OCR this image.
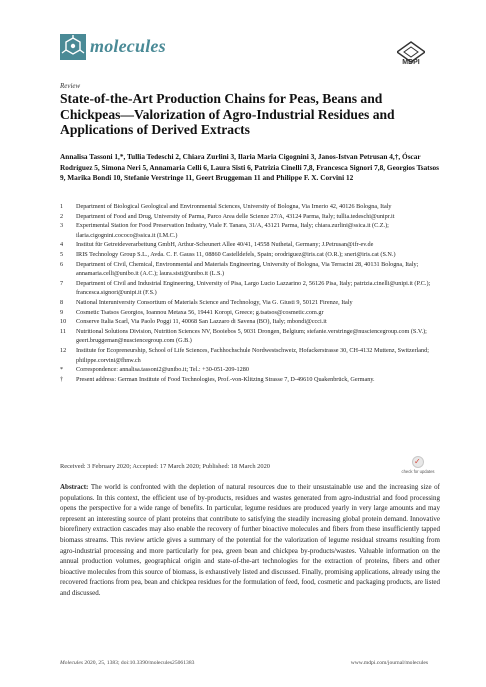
molecules
MDPI
Review
State-of-the-Art Production Chains for Peas, Beans and Chickpeas—Valorization of Agro-Industrial Residues and Applications of Derived Extracts
Annalisa Tassoni 1,*, Tullia Tedeschi 2, Chiara Zurlini 3, Ilaria Maria Cigognini 3, Janos-Istvan Petrusan 4,†, Óscar Rodríguez 5, Simona Neri 5, Annamaria Celli 6, Laura Sisti 6, Patrizia Cinelli 7,8, Francesca Signori 7,8, Georgios Tsatsos 9, Marika Bondi 10, Stefanie Verstringe 11, Geert Bruggeman 11 and Philippe F. X. Corvini 12
1	Department of Biological Geological and Environmental Sciences, University of Bologna, Via Irnerio 42, 40126 Bologna, Italy
2	Department of Food and Drug, University of Parma, Parco Area delle Scienze 27/A, 43124 Parma, Italy; tullia.tedeschi@unipr.it
3	Experimental Station for Food Preservation Industry, Viale F. Tanara, 31/A, 43121 Parma, Italy; chiara.zurlini@ssica.it (C.Z.); ilaria.cigognini.cococo@ssica.it (I.M.C.)
4	Institut für Getreideverarbeitung GmbH, Arthur-Scheunert Allee 40/41, 14558 Nuthetal, Germany; J.Petrusan@ifr-ev.de
5	IRIS Technology Group S.L., Avda. C. F. Gauss 11, 08860 Castelldefels, Spain; orodriguez@iris.cat (O.R.); sneri@iris.cat (S.N.)
6	Department of Civil, Chemical, Environmental and Materials Engineering, University of Bologna, Via Terracini 28, 40131 Bologna, Italy; annamaria.celli@unibo.it (A.C.); laura.sisti@unibo.it (L.S.)
7	Department of Civil and Industrial Engineering, University of Pisa, Largo Lucio Lazzarino 2, 56126 Pisa, Italy; patrizia.cinelli@unipi.it (P.C.); francesca.signori@unipi.it (F.S.)
8	National Interuniversity Consortium of Materials Science and Technology, Via G. Giusti 9, 50121 Firenze, Italy
9	Cosmetic Tsatsos Georgios, Ioannou Metaxa 56, 19441 Koropi, Greece; g.tsatsos@cosmetic.com.gr
10	Conserve Italia Scarl, Via Paolo Poggi 11, 40068 San Lazzaro di Savena (BO), Italy; mbondi@ccci.it
11	Nutritional Solutions Division, Nutrition Sciences NV, Booiebos 5, 9031 Drongen, Belgium; stefanie.verstringe@nusciencegroup.com (S.V.); geert.bruggeman@nusciencegroup.com (G.B.)
12	Institute for Ecopreneurship, School of Life Sciences, Fachhochschule Nordwestschweiz, Hofackerstrasse 30, CH-4132 Muttenz, Switzerland; philippe.corvini@fhnw.ch
*	Correspondence: annalisa.tassoni2@unibo.it; Tel.: +30-051-209-1280
†	Present address: German Institute of Food Technologies, Prof.-von-Klitzing Strasse 7, D-49610 Quakenbrück, Germany.
Received: 3 February 2020; Accepted: 17 March 2020; Published: 18 March 2020
✓
check for updates
Abstract: The world is confronted with the depletion of natural resources due to their unsustainable use and the increasing size of populations. In this context, the efficient use of by-products, residues and wastes generated from agro-industrial and food processing opens the perspective for a wide range of benefits. In particular, legume residues are produced yearly in very large amounts and may represent an interesting source of plant proteins that contribute to satisfying the steadily increasing global protein demand. Innovative biorefinery extraction cascades may also enable the recovery of further bioactive molecules and fibers from these insufficiently tapped biomass streams. This review article gives a summary of the potential for the valorization of legume residual streams resulting from agro-industrial processing and more particularly for pea, green bean and chickpea by-products/wastes. Valuable information on the annual production volumes, geographical origin and state-of-the-art technologies for the extraction of proteins, fibers and other bioactive molecules from this source of biomass, is exhaustively listed and discussed. Finally, promising applications, already using the recovered fractions from pea, bean and chickpea residues for the formulation of feed, food, cosmetic and packaging products, are listed and discussed.
Molecules 2020, 25, 1383; doi:10.3390/molecules25061383	www.mdpi.com/journal/molecules
